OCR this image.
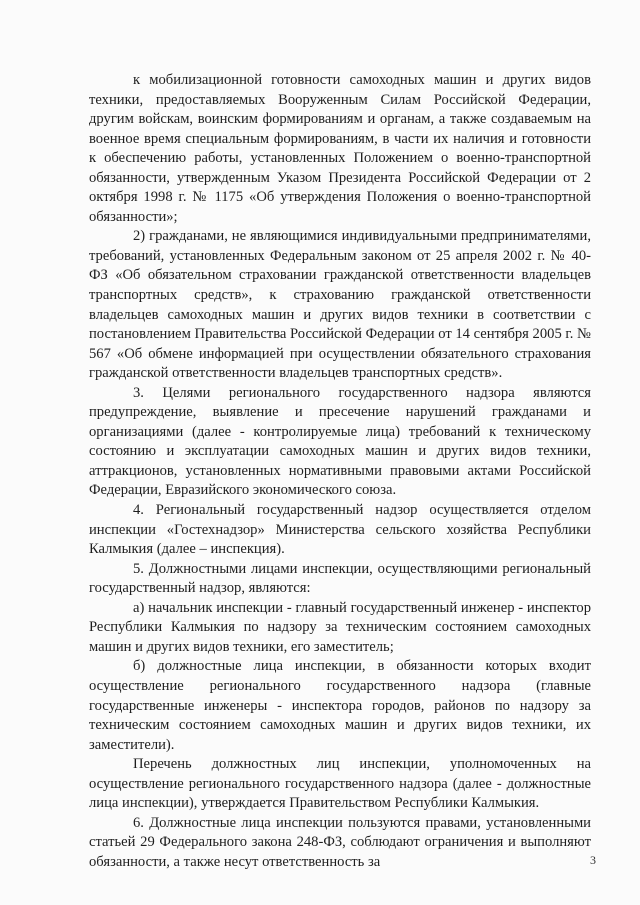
к мобилизационной готовности самоходных машин и других видов техники, предоставляемых Вооруженным Силам Российской Федерации, другим войскам, воинским формированиям и органам, а также создаваемым на военное время специальным формированиям, в части их наличия и готовности к обеспечению работы, установленных Положением о военно-транспортной обязанности, утвержденным Указом Президента Российской Федерации от 2 октября 1998 г. № 1175 «Об утверждения Положения о военно-транспортной обязанности»;

2) гражданами, не являющимися индивидуальными предпринимателями, требований, установленных Федеральным законом от 25 апреля 2002 г. № 40-ФЗ «Об обязательном страховании гражданской ответственности владельцев транспортных средств», к страхованию гражданской ответственности владельцев самоходных машин и других видов техники в соответствии с постановлением Правительства Российской Федерации от 14 сентября 2005 г. № 567 «Об обмене информацией при осуществлении обязательного страхования гражданской ответственности владельцев транспортных средств».

3. Целями регионального государственного надзора являются предупреждение, выявление и пресечение нарушений гражданами и организациями (далее - контролируемые лица) требований к техническому состоянию и эксплуатации самоходных машин и других видов техники, аттракционов, установленных нормативными правовыми актами Российской Федерации, Евразийского экономического союза.

4. Региональный государственный надзор осуществляется отделом инспекции «Гостехнадзор» Министерства сельского хозяйства Республики Калмыкия (далее – инспекция).

5. Должностными лицами инспекции, осуществляющими региональный государственный надзор, являются:

а) начальник инспекции - главный государственный инженер - инспектор Республики Калмыкия по надзору за техническим состоянием самоходных машин и других видов техники, его заместитель;

б) должностные лица инспекции, в обязанности которых входит осуществление регионального государственного надзора (главные государственные инженеры - инспектора городов, районов по надзору за техническим состоянием самоходных машин и других видов техники, их заместители).

Перечень должностных лиц инспекции, уполномоченных на осуществление регионального государственного надзора (далее - должностные лица инспекции), утверждается Правительством Республики Калмыкия.

6. Должностные лица инспекции пользуются правами, установленными статьей 29 Федерального закона 248-ФЗ, соблюдают ограничения и выполняют обязанности, а также несут ответственность за	3
